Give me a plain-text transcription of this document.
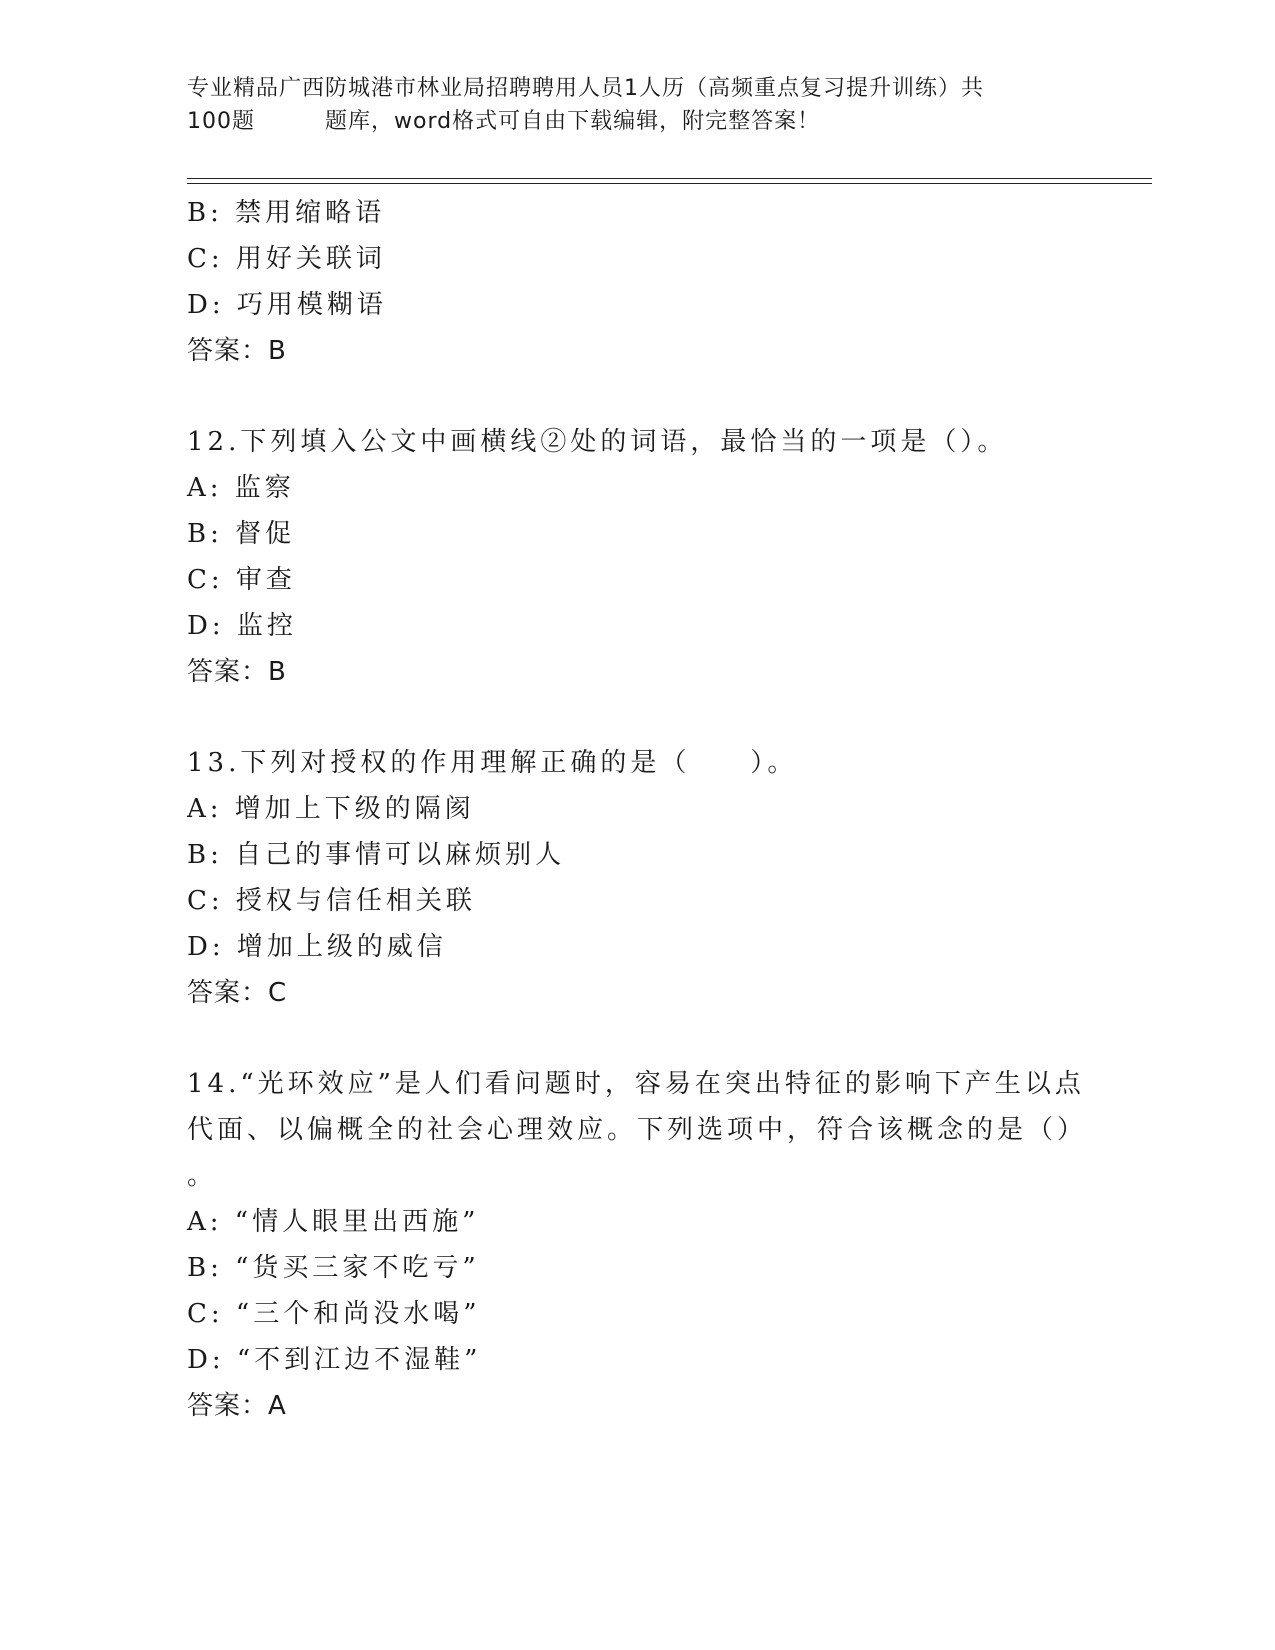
专业精品广西防城港市林业局招聘聘用人员1人历（高频重点复习提升训练）共
100题	题库，word格式可自由下载编辑，附完整答案！
B: 禁用缩略语
C: 用好关联词
D: 巧用模糊语
答案：B
12.下列填入公文中画横线②处的词语，最恰当的一项是（）。
A: 监察
B: 督促
C: 审查
D: 监控
答案：B
13.下列对授权的作用理解正确的是（　　）。
A: 增加上下级的隔阂
B: 自己的事情可以麻烦别人
C: 授权与信任相关联
D: 增加上级的威信
答案：C
14.“光环效应”是人们看问题时，容易在突出特征的影响下产生以点
代面、以偏概全的社会心理效应。下列选项中，符合该概念的是（）
。
A: “情人眼里出西施”
B: “货买三家不吃亏”
C: “三个和尚没水喝”
D: “不到江边不湿鞋”
答案：A
